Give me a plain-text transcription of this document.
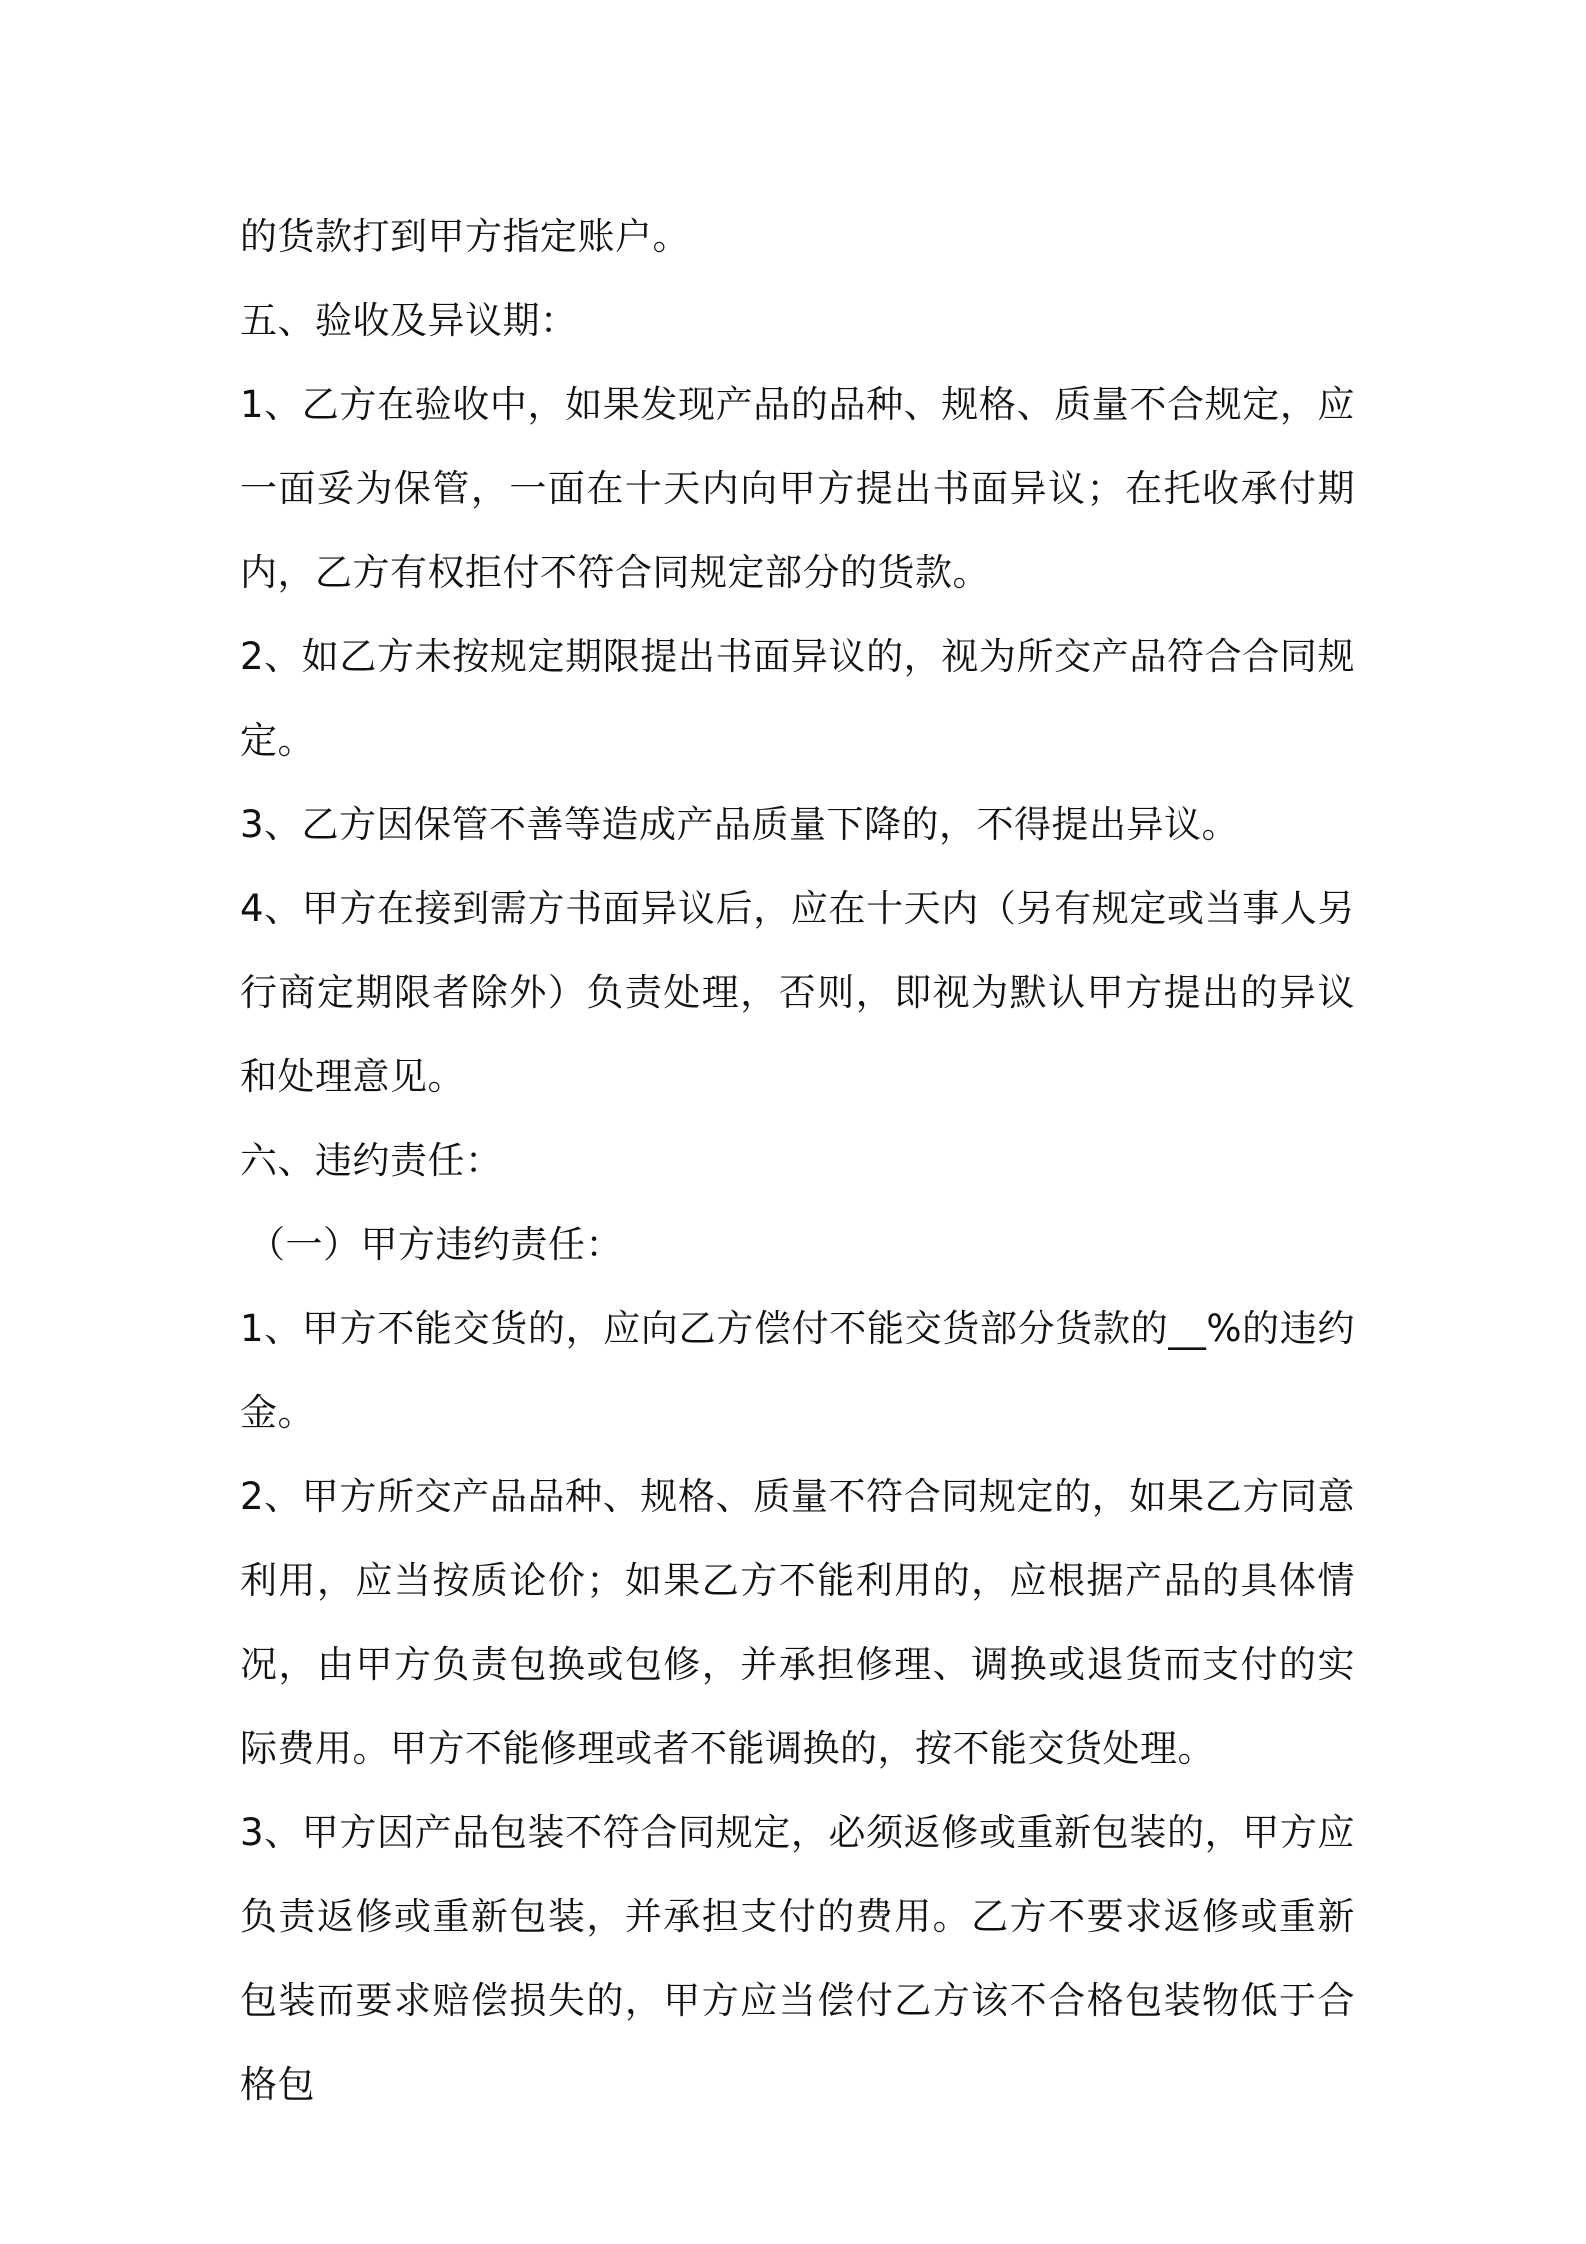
的货款打到甲方指定账户。

五、验收及异议期：

1、乙方在验收中，如果发现产品的品种、规格、质量不合规定，应一面妥为保管，一面在十天内向甲方提出书面异议；在托收承付期内，乙方有权拒付不符合同规定部分的货款。

2、如乙方未按规定期限提出书面异议的，视为所交产品符合合同规定。

3、乙方因保管不善等造成产品质量下降的，不得提出异议。

4、甲方在接到需方书面异议后，应在十天内（另有规定或当事人另行商定期限者除外）负责处理，否则，即视为默认甲方提出的异议和处理意见。

六、违约责任：

（一）甲方违约责任：

1、甲方不能交货的，应向乙方偿付不能交货部分货款的__%的违约金。

2、甲方所交产品品种、规格、质量不符合同规定的，如果乙方同意利用，应当按质论价；如果乙方不能利用的，应根据产品的具体情况，由甲方负责包换或包修，并承担修理、调换或退货而支付的实际费用。甲方不能修理或者不能调换的，按不能交货处理。

3、甲方因产品包装不符合同规定，必须返修或重新包装的，甲方应负责返修或重新包装，并承担支付的费用。乙方不要求返修或重新包装而要求赔偿损失的，甲方应当偿付乙方该不合格包装物低于合格包
